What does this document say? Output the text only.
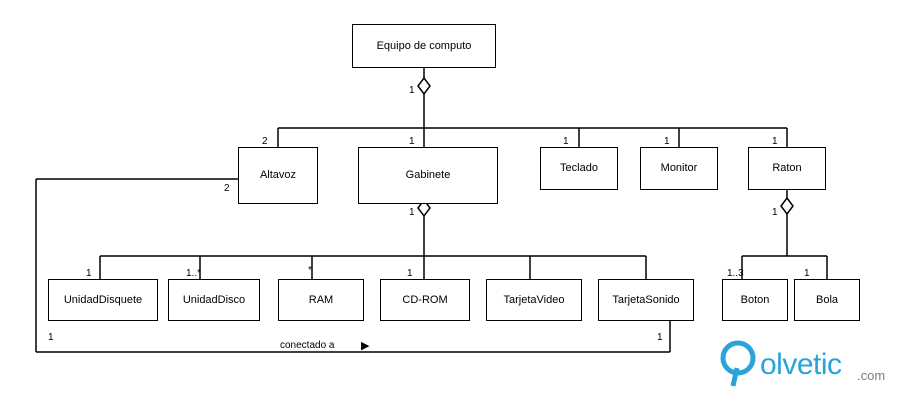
Equipo de computo
Altavoz	Gabinete
Teclado	Monitor	Raton
UnidadDisquete	UnidadDisco	RAM	CD-ROM	TarjetaVideo	TarjetaSonido	Boton	Bola
1
2
2
1	1	1	1
1	1
1	1..*	*	1	1..3	1
1
1
conectado a ▶
olvetic .com
